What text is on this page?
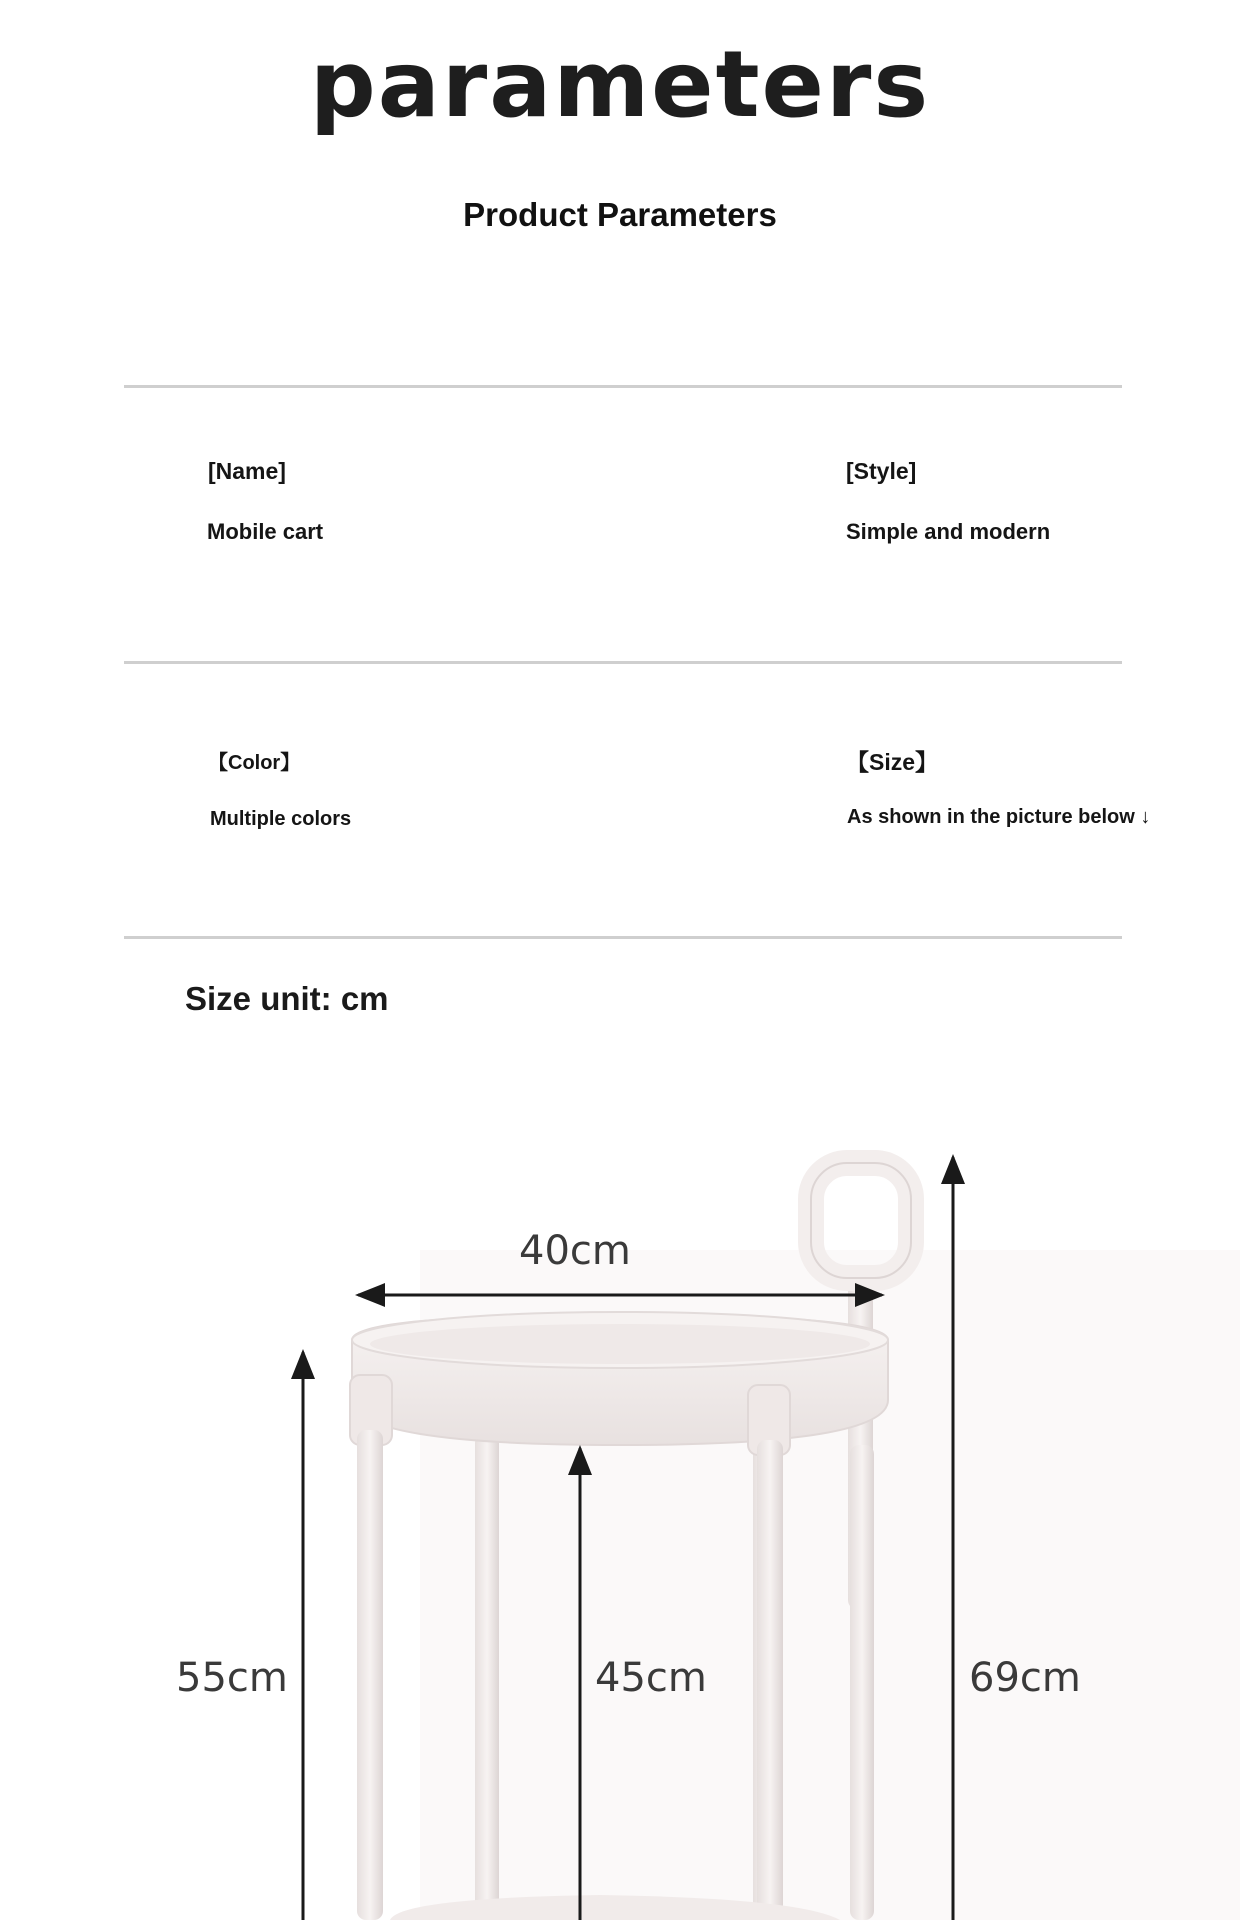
parameters
Product Parameters
[Name]
Mobile cart
[Style]
Simple and modern
【Color】
Multiple colors
【Size】
As shown in the picture below ↓
Size unit: cm
40cm
55cm	45cm	69cm
